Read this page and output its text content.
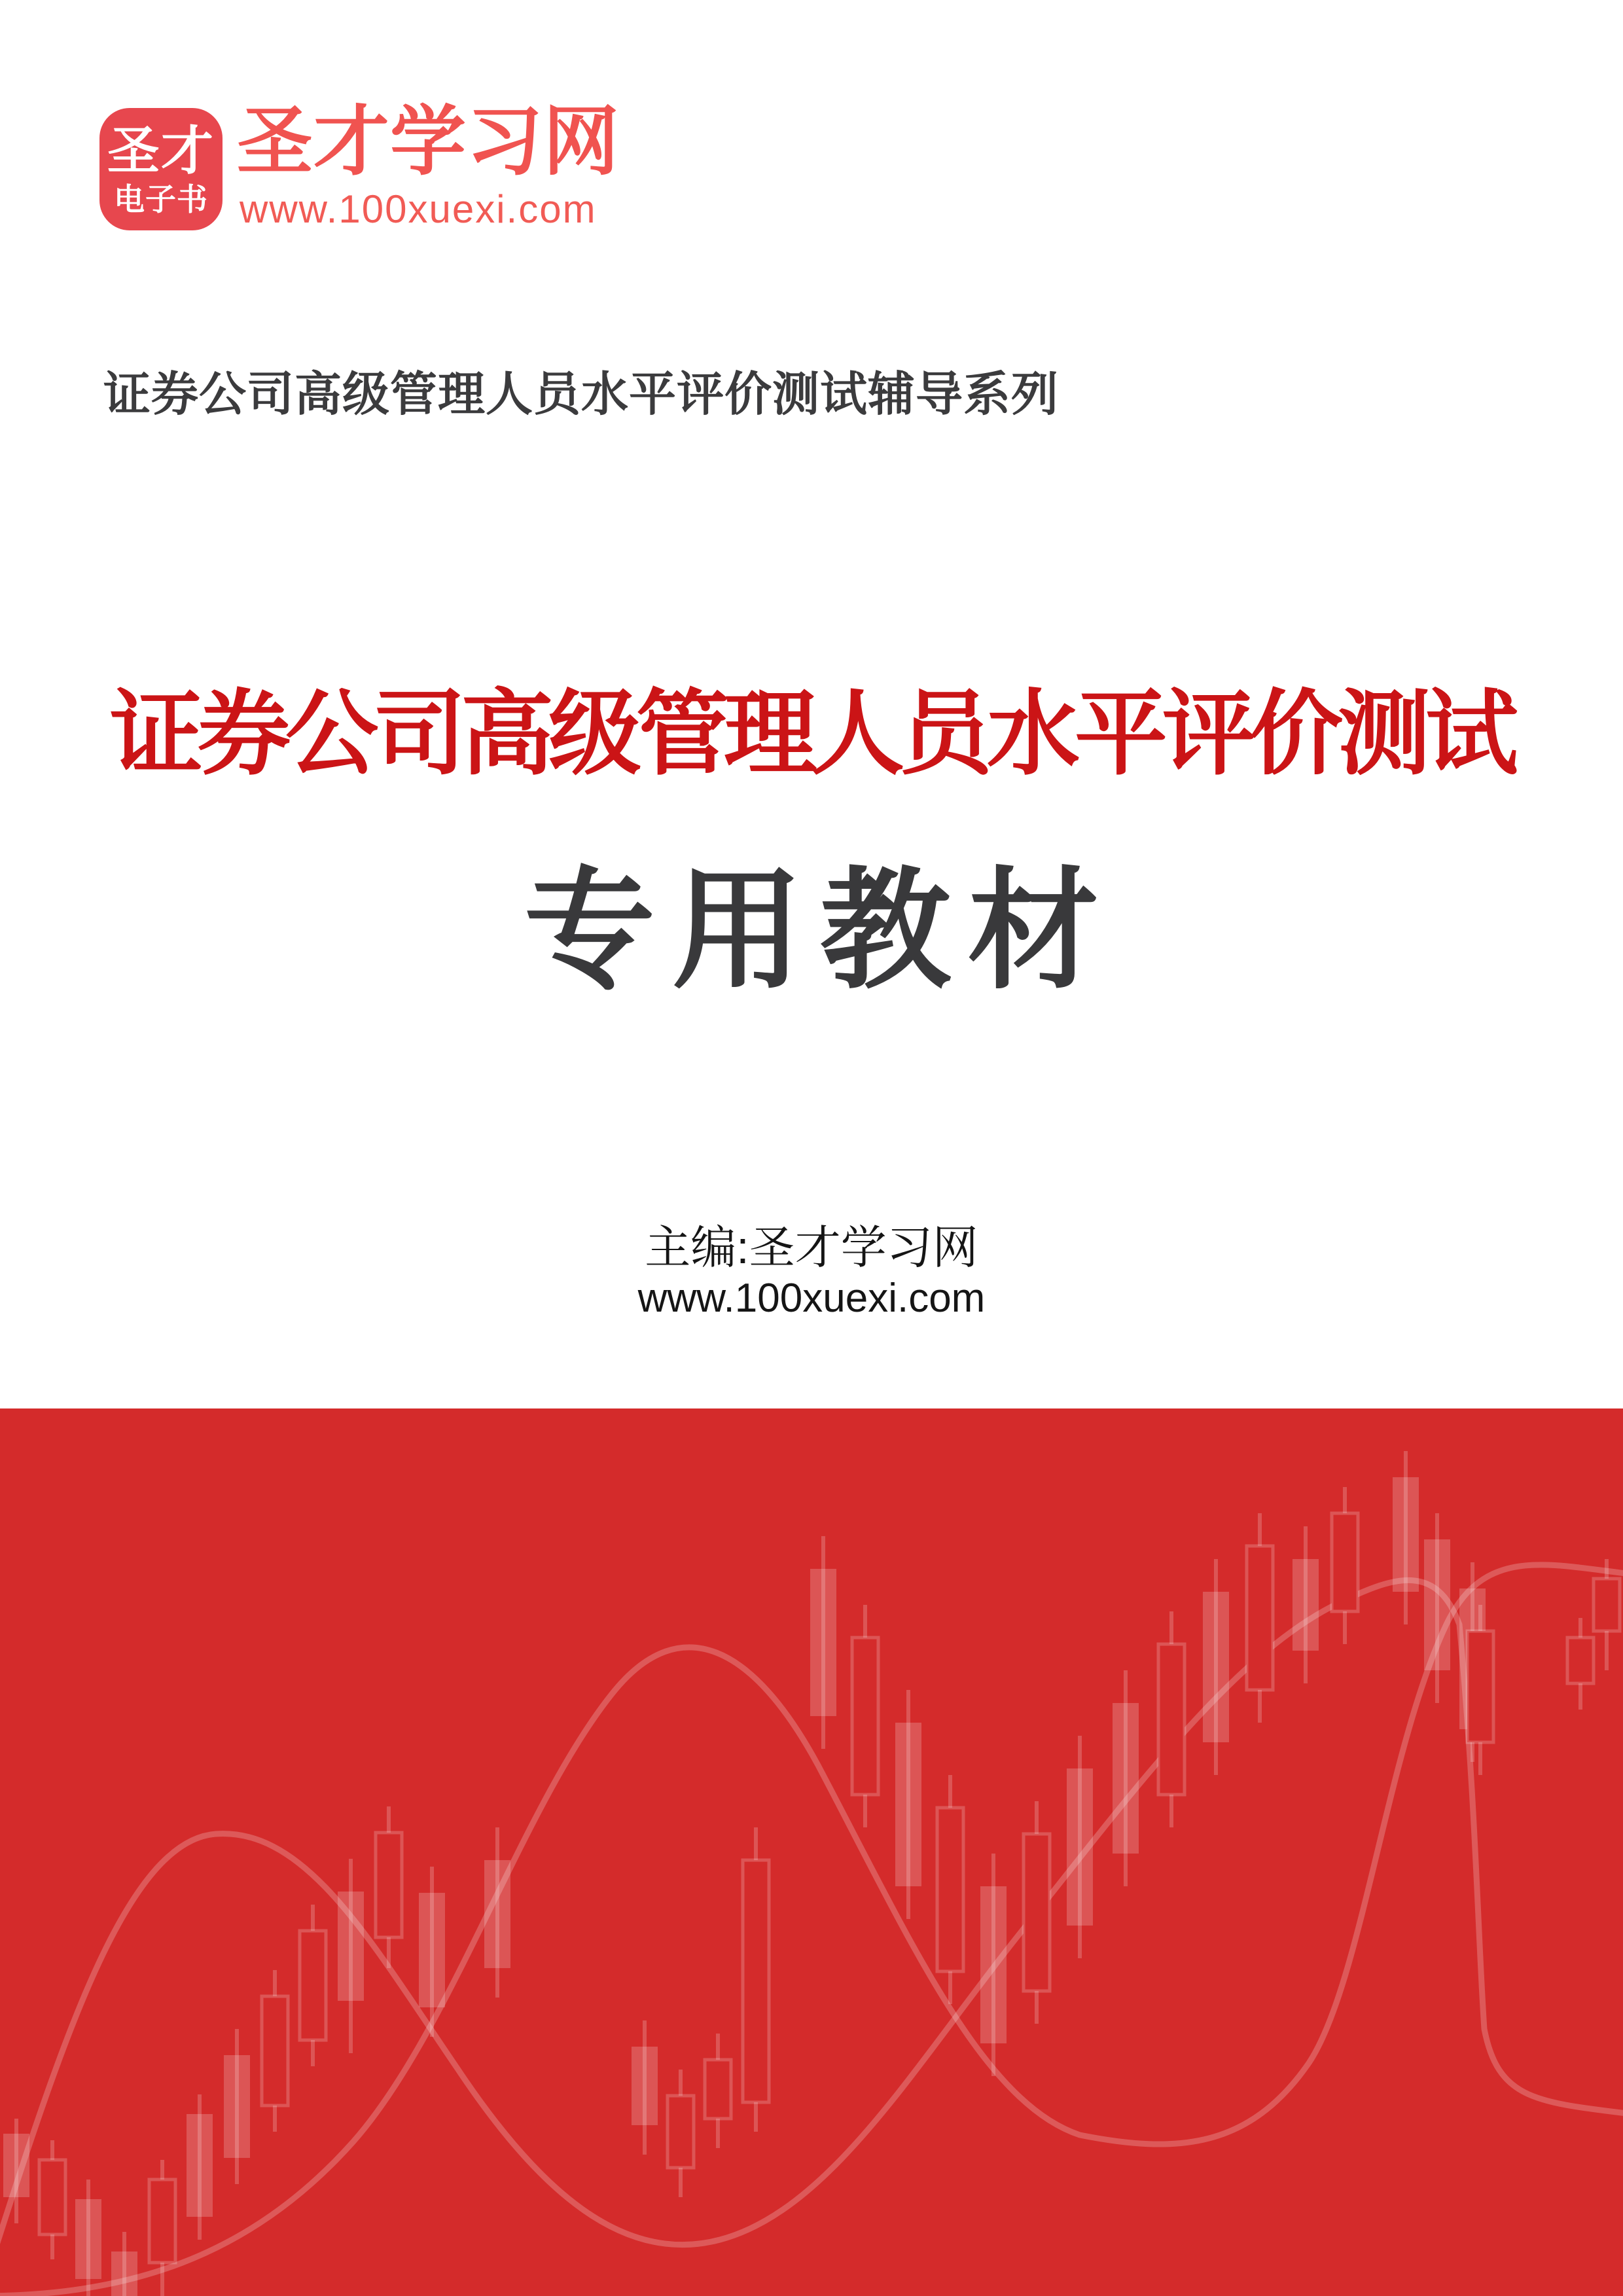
圣才
电子书
圣才学习网
www.100xuexi.com
证券公司高级管理人员水平评价测试辅导系列
证券公司高级管理人员水平评价测试
专用教材
主编:圣才学习网
www.100xuexi.com
